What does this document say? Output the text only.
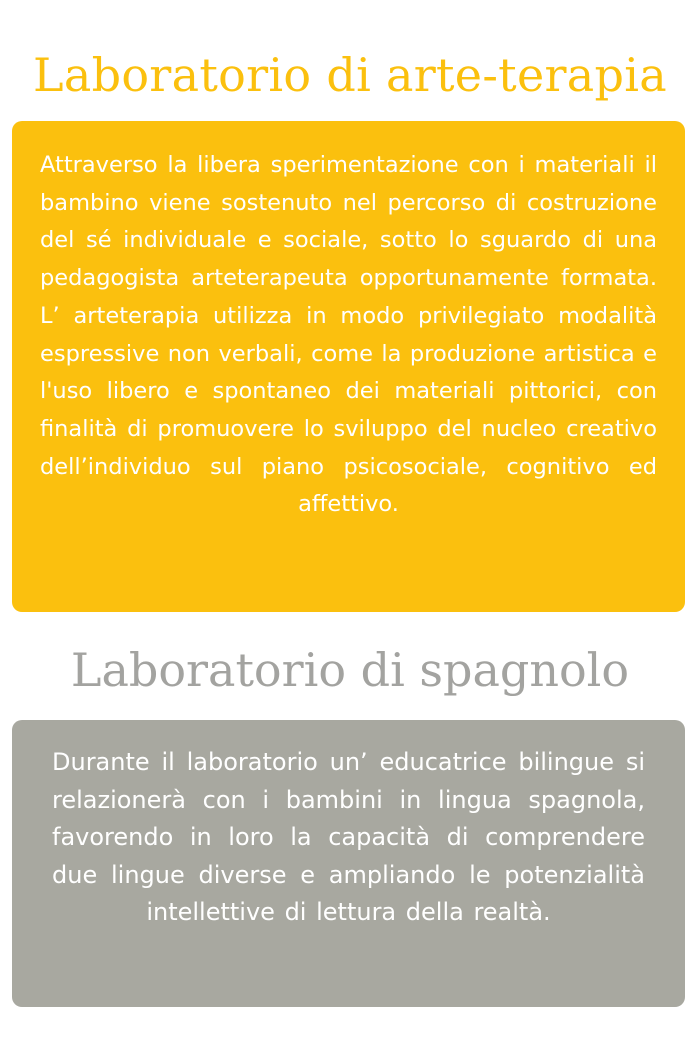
Laboratorio di arte-terapia

Attraverso la libera sperimentazione con i materiali il bambino viene sostenuto nel percorso di costruzione del sé individuale e sociale, sotto lo sguardo di una pedagogista arteterapeuta opportunamente formata. L’ arteterapia utilizza in modo privilegiato modalità espressive non verbali, come la produzione artistica e l'uso libero e spontaneo dei materiali pittorici, con finalità di promuovere lo sviluppo del nucleo creativo dell’individuo sul piano psicosociale, cognitivo ed affettivo.

Laboratorio di spagnolo

Durante il laboratorio un’ educatrice bilingue si relazionerà con i bambini in lingua spagnola, favorendo in loro la capacità di comprendere due lingue diverse e ampliando le potenzialità intellettive di lettura della realtà.
